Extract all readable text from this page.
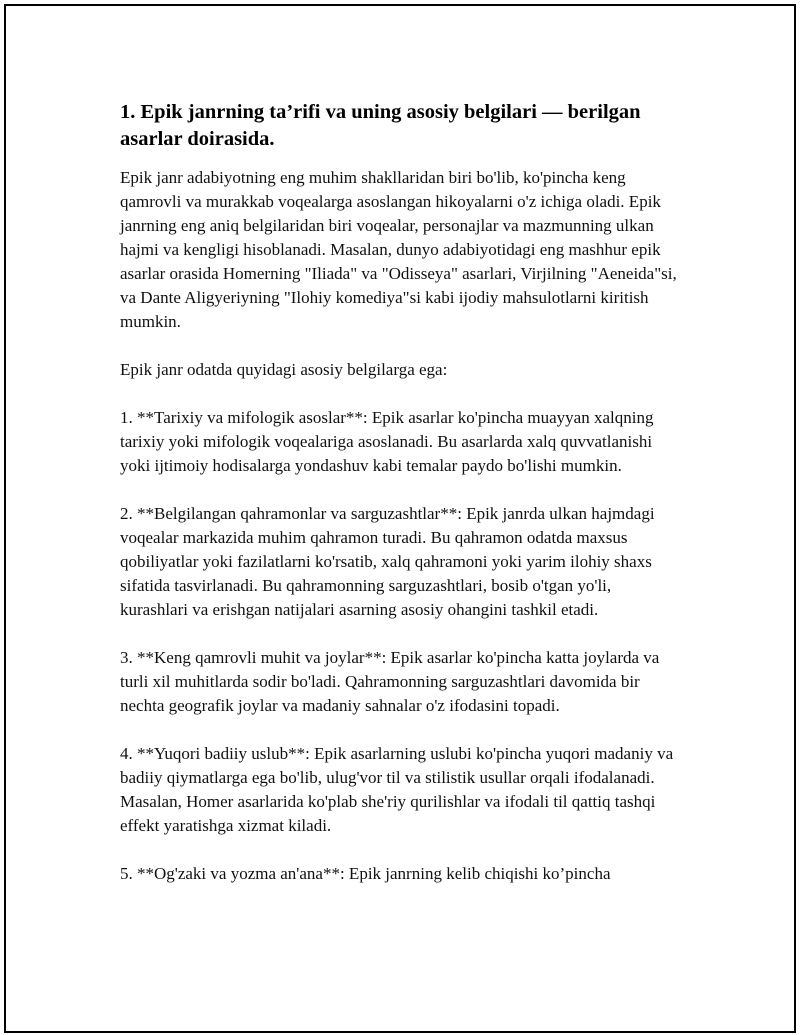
1. Epik janrning ta’rifi va uning asosiy belgilari — berilgan asarlar doirasida.

Epik janr adabiyotning eng muhim shakllaridan biri bo'lib, ko'pincha keng qamrovli va murakkab voqealarga asoslangan hikoyalarni o'z ichiga oladi. Epik janrning eng aniq belgilaridan biri voqealar, personajlar va mazmunning ulkan hajmi va kengligi hisoblanadi. Masalan, dunyo adabiyotidagi eng mashhur epik asarlar orasida Homerning "Iliada" va "Odisseya" asarlari, Virjilning "Aeneida"si, va Dante Aligyeriyning "Ilohiy komediya"si kabi ijodiy mahsulotlarni kiritish mumkin.

Epik janr odatda quyidagi asosiy belgilarga ega:

1. **Tarixiy va mifologik asoslar**: Epik asarlar ko'pincha muayyan xalqning tarixiy yoki mifologik voqealariga asoslanadi. Bu asarlarda xalq quvvatlanishi yoki ijtimoiy hodisalarga yondashuv kabi temalar paydo bo'lishi mumkin.

2. **Belgilangan qahramonlar va sarguzashtlar**: Epik janrda ulkan hajmdagi voqealar markazida muhim qahramon turadi. Bu qahramon odatda maxsus qobiliyatlar yoki fazilatlarni ko'rsatib, xalq qahramoni yoki yarim ilohiy shaxs sifatida tasvirlanadi. Bu qahramonning sarguzashtlari, bosib o'tgan yo'li, kurashlari va erishgan natijalari asarning asosiy ohangini tashkil etadi.

3. **Keng qamrovli muhit va joylar**: Epik asarlar ko'pincha katta joylarda va turli xil muhitlarda sodir bo'ladi. Qahramonning sarguzashtlari davomida bir nechta geografik joylar va madaniy sahnalar o'z ifodasini topadi.

4. **Yuqori badiiy uslub**: Epik asarlarning uslubi ko'pincha yuqori madaniy va badiiy qiymatlarga ega bo'lib, ulug'vor til va stilistik usullar orqali ifodalanadi. Masalan, Homer asarlarida ko'plab she'riy qurilishlar va ifodali til qattiq tashqi effekt yaratishga xizmat kiladi.

5. **Og'zaki va yozma an'ana**: Epik janrning kelib chiqishi ko’pincha
